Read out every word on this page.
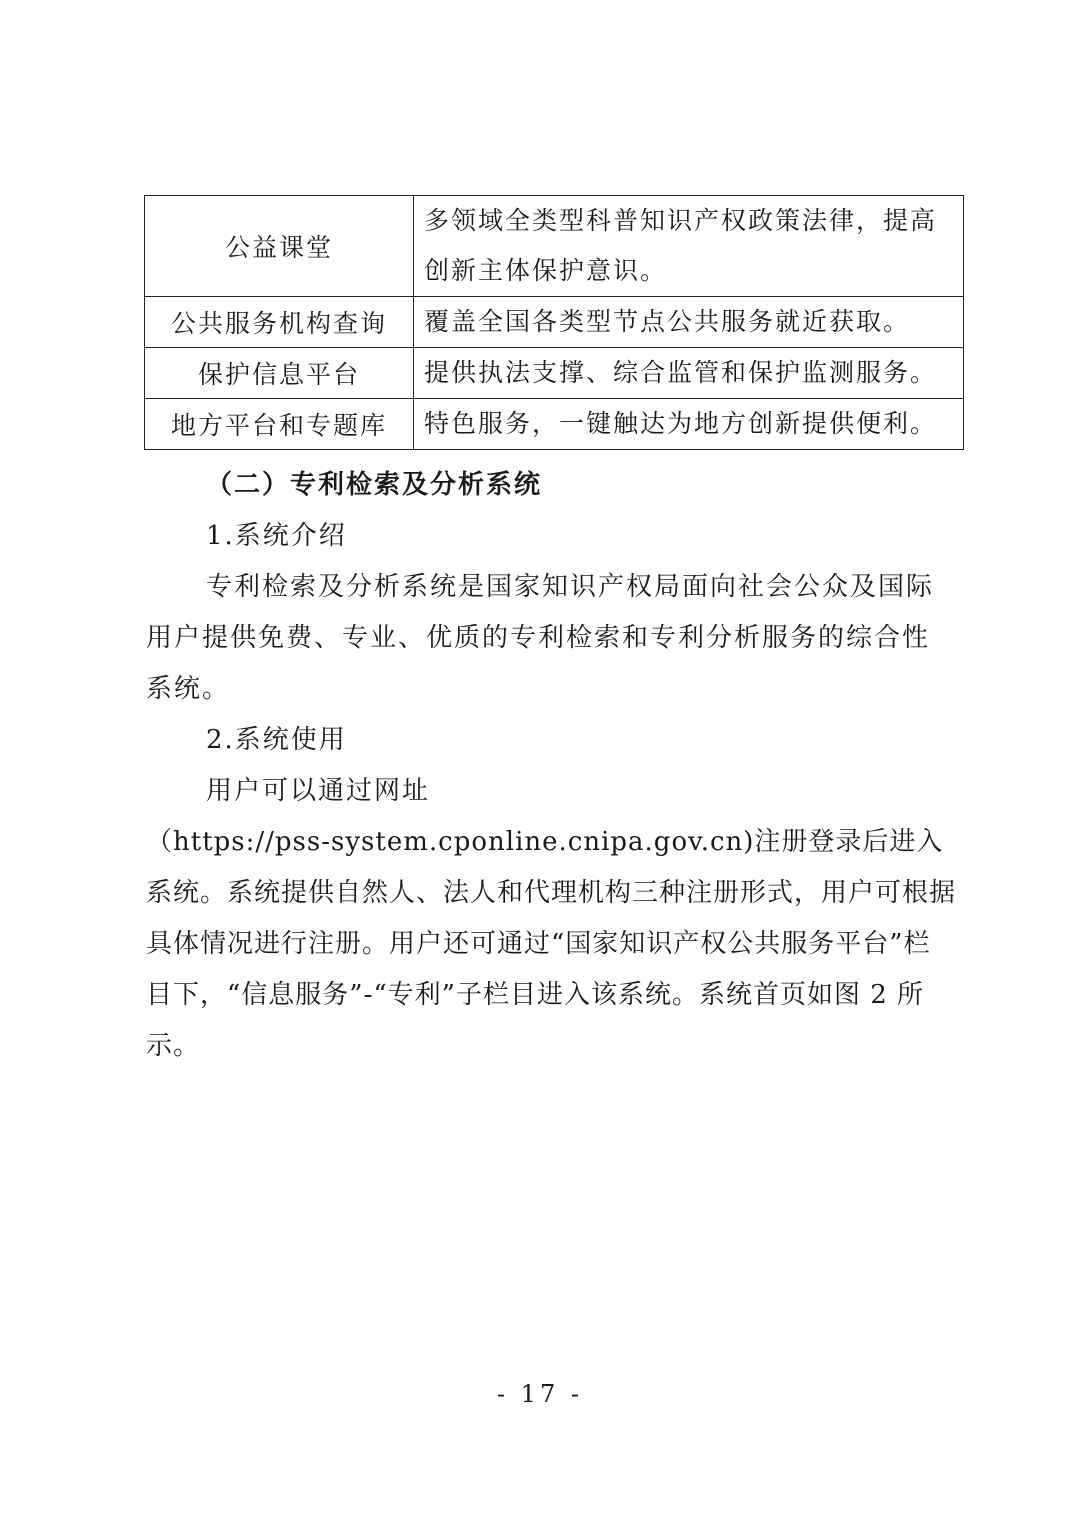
公益课堂	多领域全类型科普知识产权政策法律，提高创新主体保护意识。
公共服务机构查询	覆盖全国各类型节点公共服务就近获取。
保护信息平台	提供执法支撑、综合监管和保护监测服务。
地方平台和专题库	特色服务，一键触达为地方创新提供便利。
（二）专利检索及分析系统
1.系统介绍
专利检索及分析系统是国家知识产权局面向社会公众及国际用户提供免费、专业、优质的专利检索和专利分析服务的综合性系统。
2.系统使用
用户可以通过网址
（https://pss-system.cponline.cnipa.gov.cn)注册登录后进入系统。系统提供自然人、法人和代理机构三种注册形式，用户可根据具体情况进行注册。用户还可通过“国家知识产权公共服务平台”栏目下，“信息服务”-“专利”子栏目进入该系统。系统首页如图 2 所示。
- 17 -
